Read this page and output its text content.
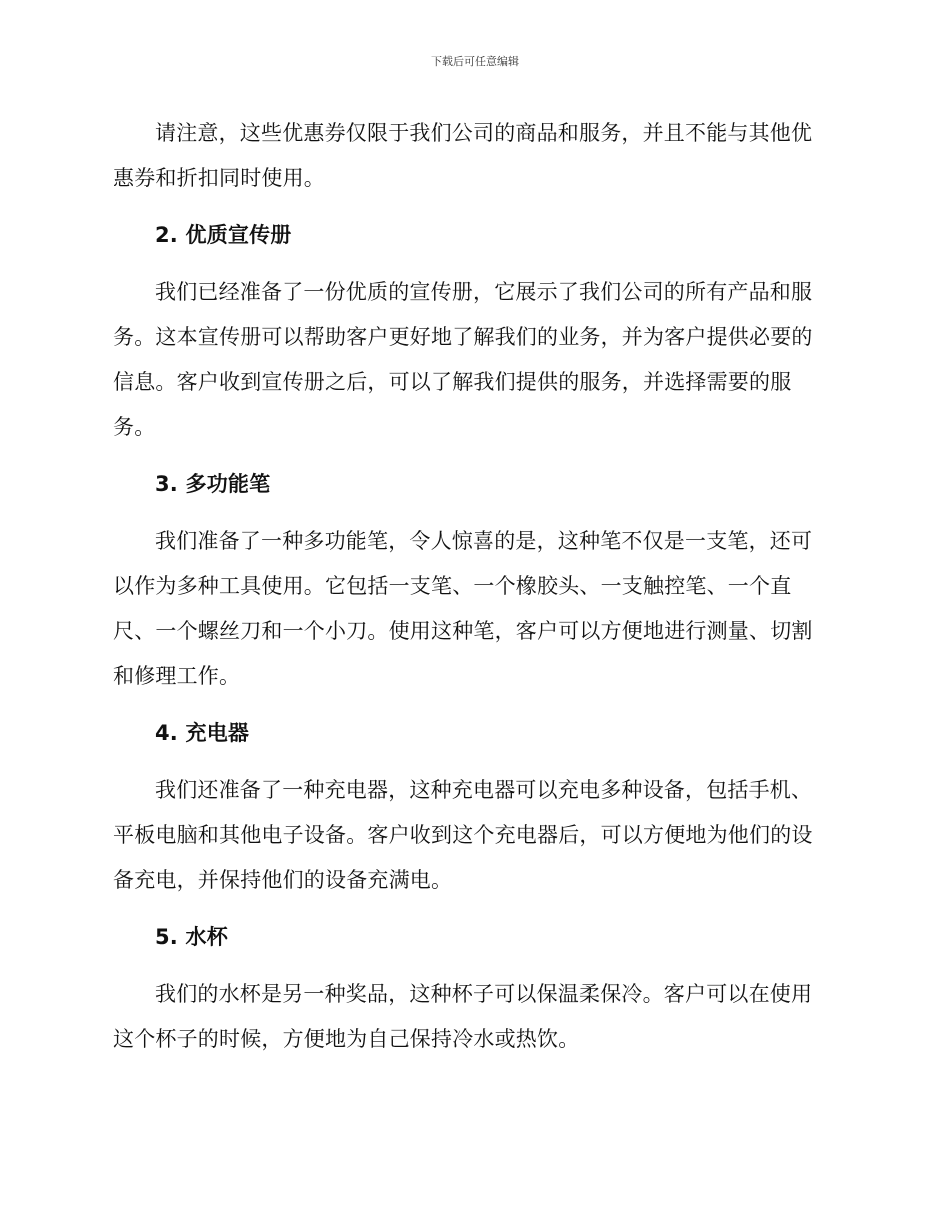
下载后可任意编辑

请注意，这些优惠券仅限于我们公司的商品和服务，并且不能与其他优惠券和折扣同时使用。

2. 优质宣传册

我们已经准备了一份优质的宣传册，它展示了我们公司的所有产品和服务。这本宣传册可以帮助客户更好地了解我们的业务，并为客户提供必要的信息。客户收到宣传册之后，可以了解我们提供的服务，并选择需要的服务。

3. 多功能笔

我们准备了一种多功能笔，令人惊喜的是，这种笔不仅是一支笔，还可以作为多种工具使用。它包括一支笔、一个橡胶头、一支触控笔、一个直尺、一个螺丝刀和一个小刀。使用这种笔，客户可以方便地进行测量、切割和修理工作。

4. 充电器

我们还准备了一种充电器，这种充电器可以充电多种设备，包括手机、平板电脑和其他电子设备。客户收到这个充电器后，可以方便地为他们的设备充电，并保持他们的设备充满电。

5. 水杯

我们的水杯是另一种奖品，这种杯子可以保温柔保冷。客户可以在使用这个杯子的时候，方便地为自己保持冷水或热饮。
